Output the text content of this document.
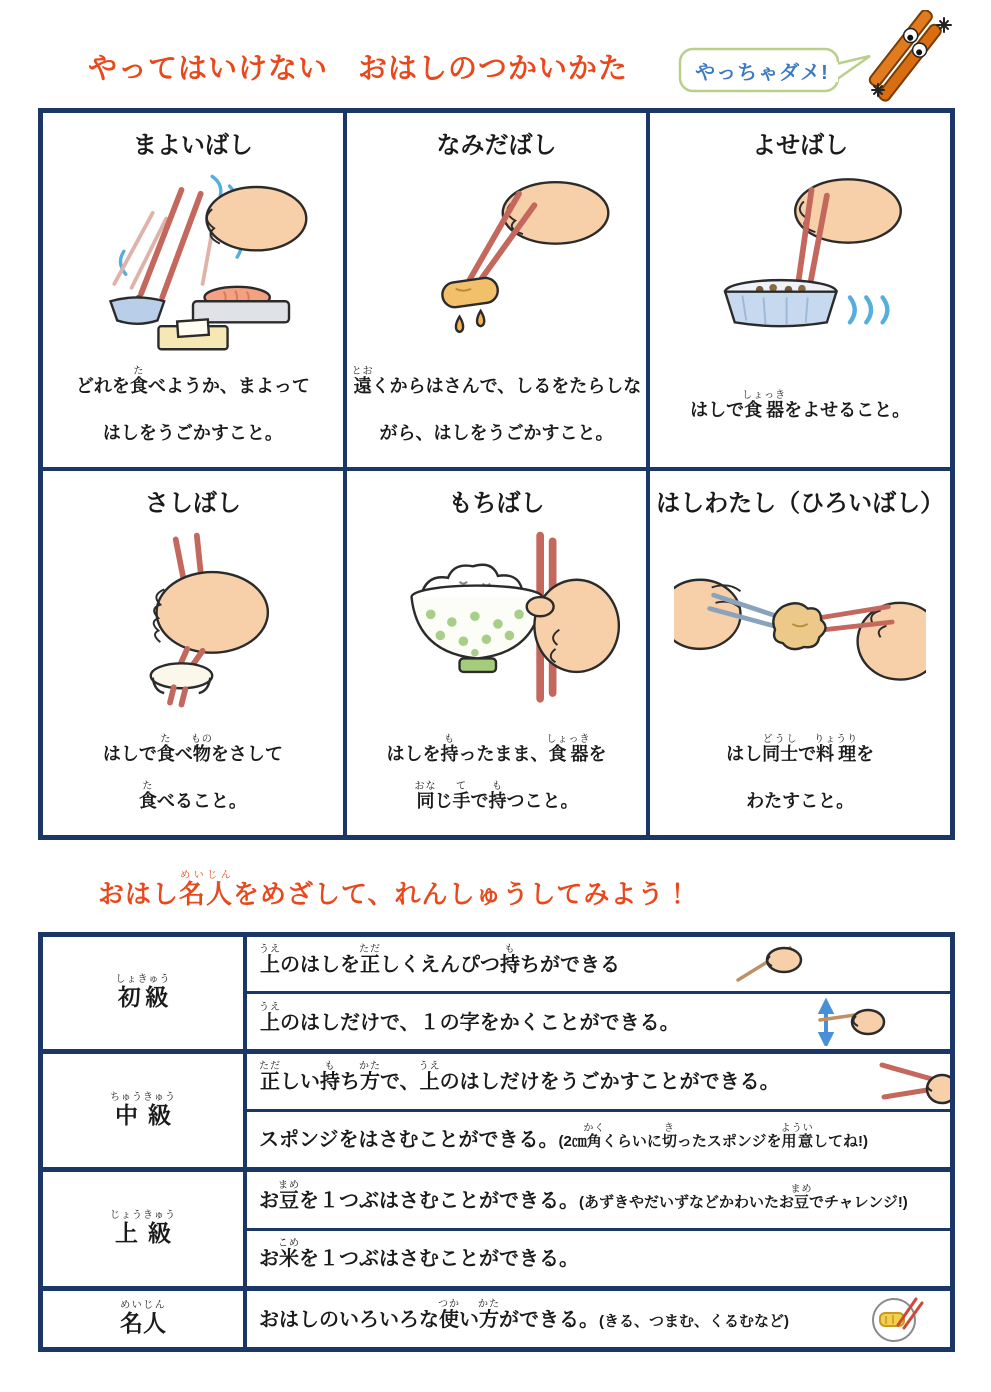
やってはいけない　おはしのつかいかた	やっちゃダメ!
まよいばし
どれを食たべようか、まよって
はしをうごかすこと。
なみだばし
遠とおくからはさんで、しるをたらしな
がら、はしをうごかすこと。
よせばし
はしで食器しょっきをよせること。
さしばし
はしで食たべ物ものをさして
食たべること。
もちばし
はしを持もったまま、食器しょっきを
同おなじ手てで持もつこと。
はしわたし（ひろいばし）
はし同士どうしで料理りょうりを
わたすこと。
おはし名人めいじんをめざして、れんしゅうしてみよう！
初級しょきゅう
上うえのはしを正ただしくえんぴつ持もちができる
上うえのはしだけで、１の字をかくことができる。
中級ちゅうきゅう
正ただしい持もち方かたで、上うえのはしだけをうごかすことができる。
スポンジをはさむことができる。 (2㎝角かくくらいに切きったスポンジを用意よういしてね!)
上級じょうきゅう
お豆まめを１つぶはさむことができる。 (あずきやだいずなどかわいたお豆まめでチャレンジ!)
お米こめを１つぶはさむことができる。
名人めいじん
おはしのいろいろな使つかい方かたができる。 (きる、つまむ、くるむなど)
